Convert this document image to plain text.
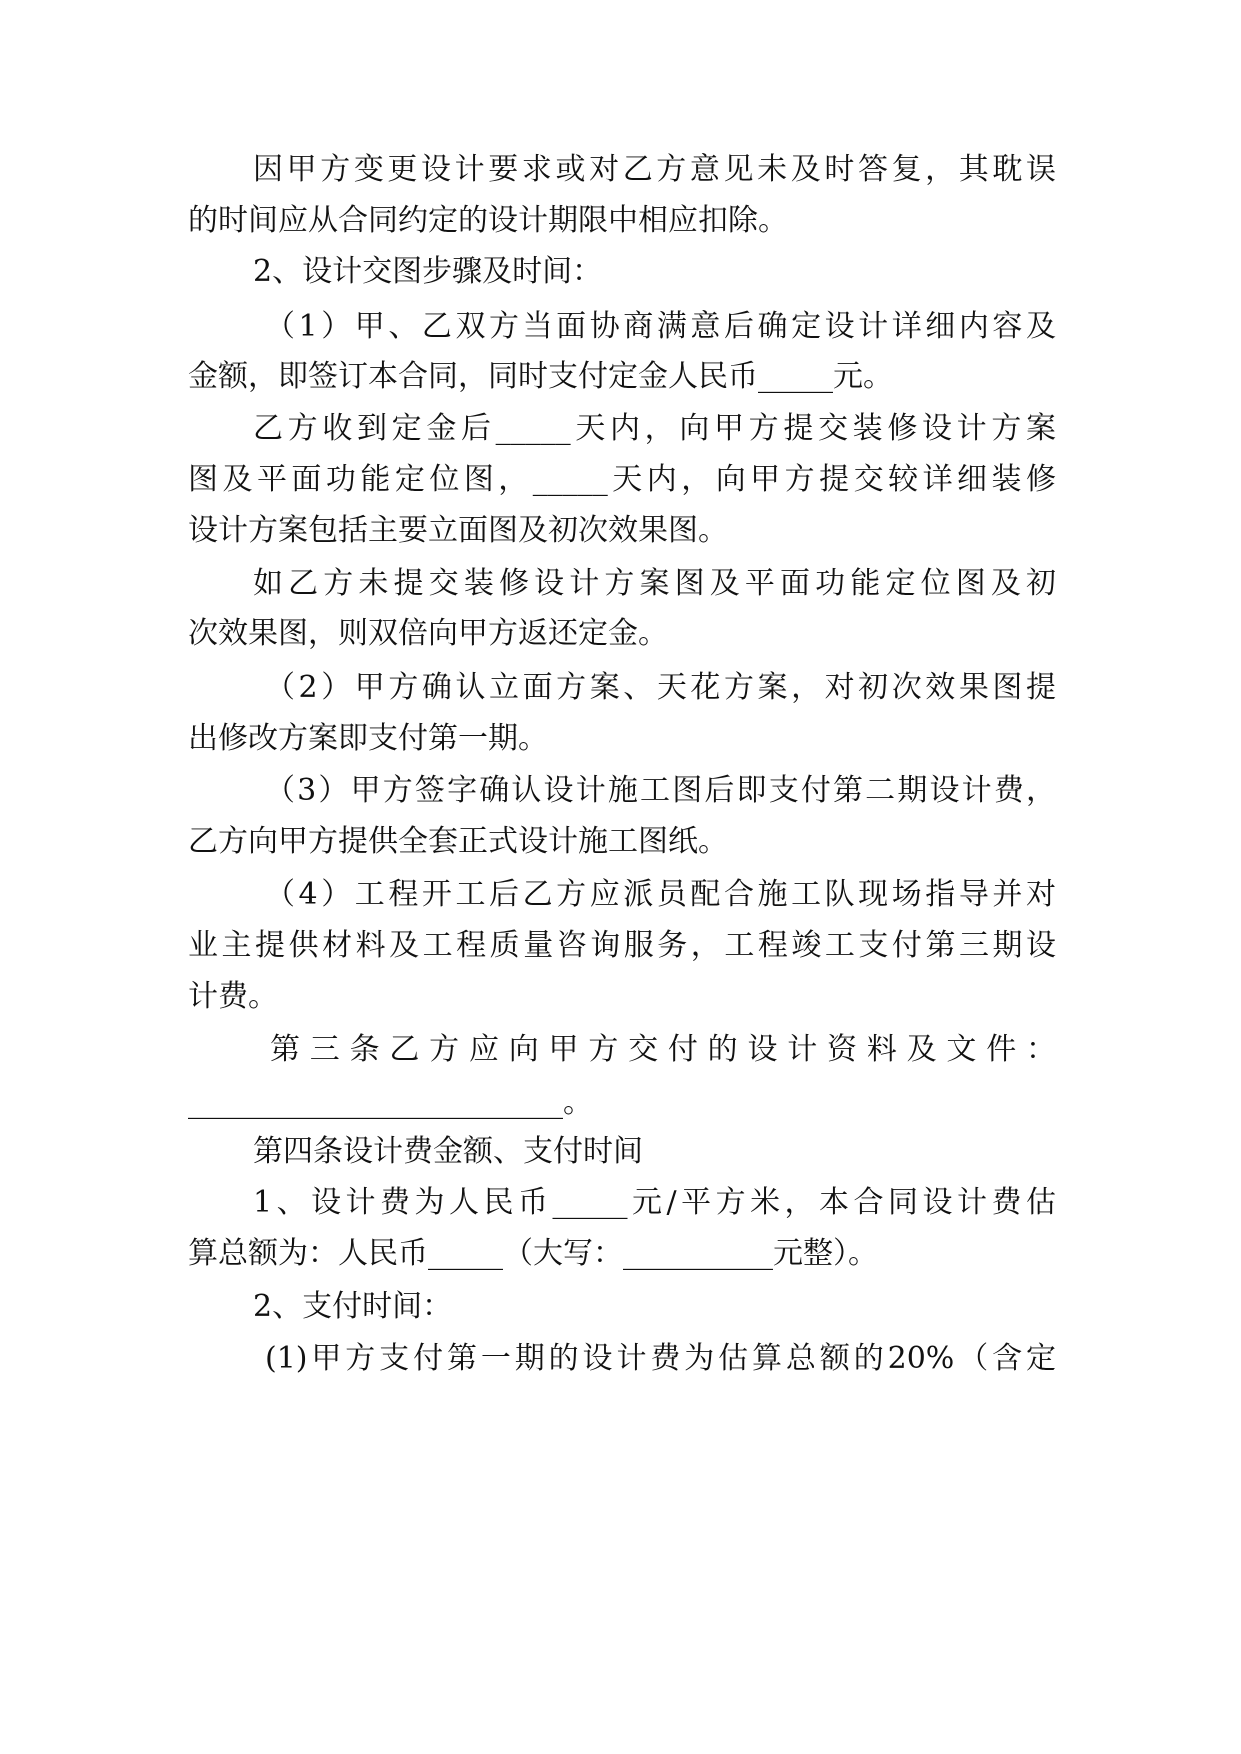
因甲方变更设计要求或对乙方意见未及时答复，其耽误
的时间应从合同约定的设计期限中相应扣除。
2、设计交图步骤及时间：
（1）甲、乙双方当面协商满意后确定设计详细内容及
金额，即签订本合同，同时支付定金人民币_____元。
乙方收到定金后_____天内，向甲方提交装修设计方案
图及平面功能定位图，_____天内，向甲方提交较详细装修
设计方案包括主要立面图及初次效果图。
如乙方未提交装修设计方案图及平面功能定位图及初
次效果图，则双倍向甲方返还定金。
（2）甲方确认立面方案、天花方案，对初次效果图提
出修改方案即支付第一期。
（3）甲方签字确认设计施工图后即支付第二期设计费，
乙方向甲方提供全套正式设计施工图纸。
（4）工程开工后乙方应派员配合施工队现场指导并对
业主提供材料及工程质量咨询服务，工程竣工支付第三期设
计费。
第三条乙方应向甲方交付的设计资料及文件：
_________________________。
第四条设计费金额、支付时间
1、设计费为人民币_____元/平方米，本合同设计费估
算总额为：人民币_____（大写：__________元整）。
2、支付时间：
(1)甲方支付第一期的设计费为估算总额的20%（含定
